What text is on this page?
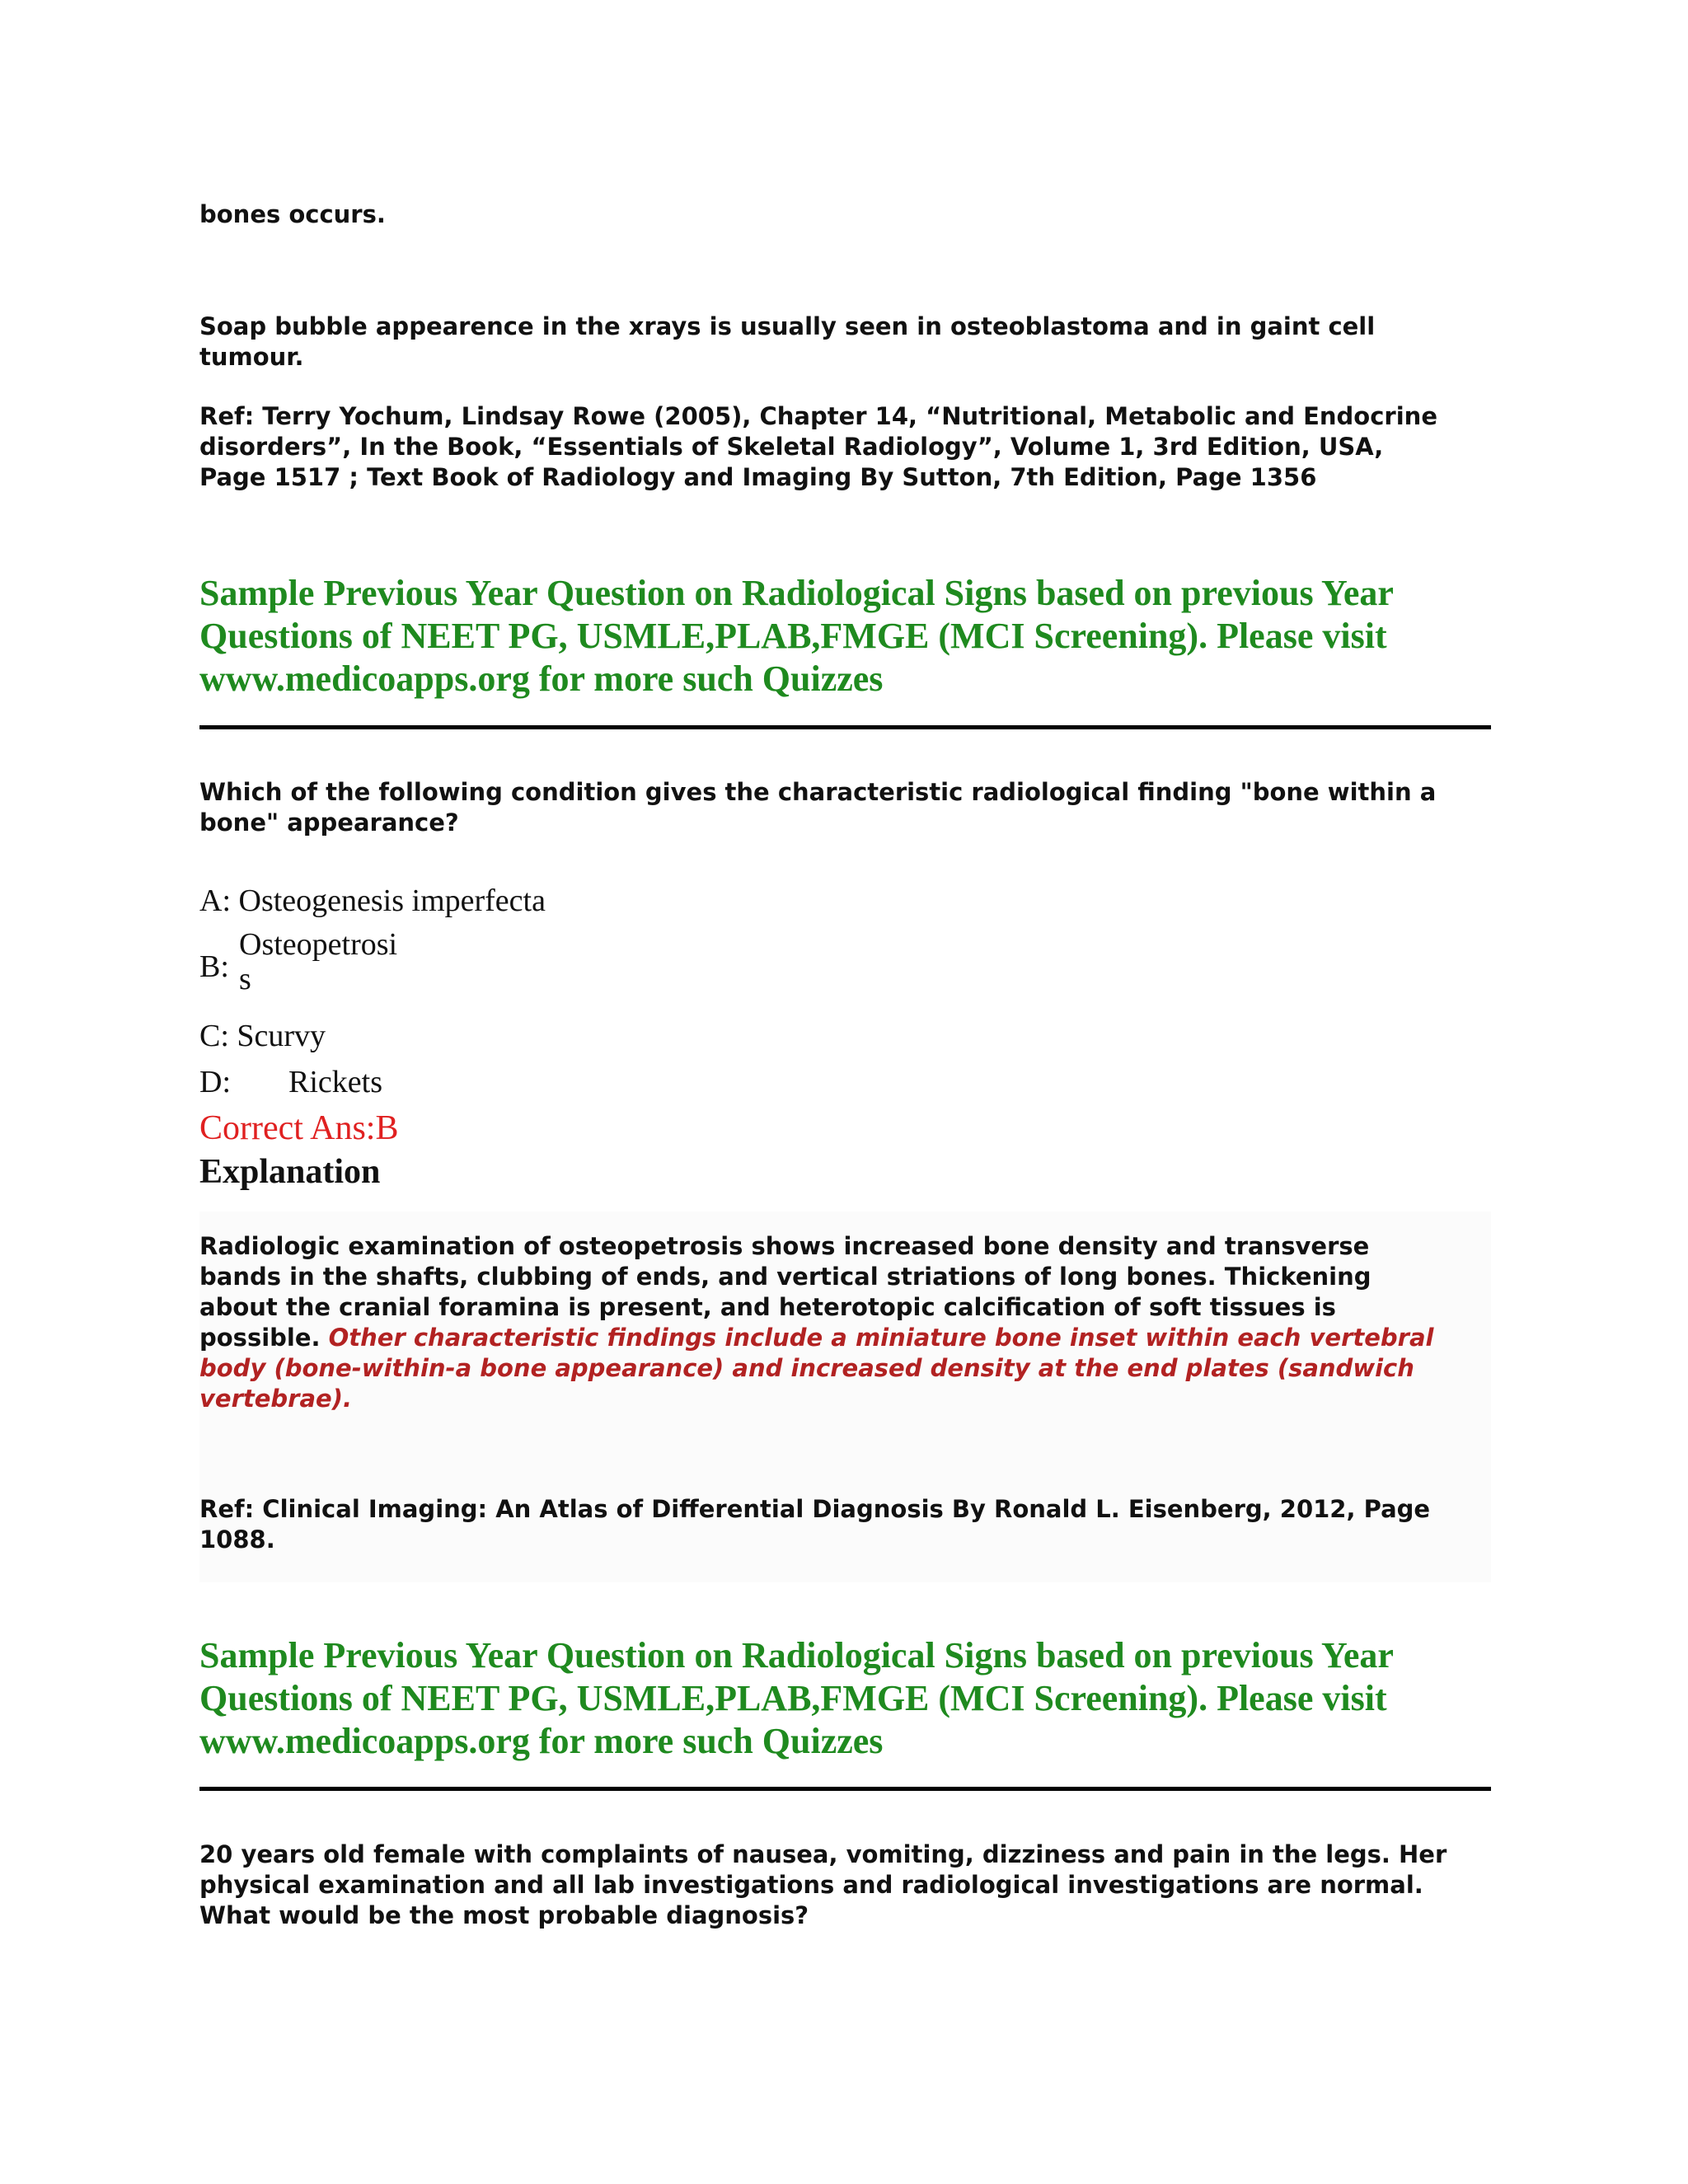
bones occurs.
Soap bubble appearence in the xrays is usually seen in osteoblastoma and in gaint cell tumour.
Ref: Terry Yochum, Lindsay Rowe (2005), Chapter 14, “Nutritional, Metabolic and Endocrine
disorders”, In the Book, “Essentials of Skeletal Radiology”, Volume 1, 3rd Edition, USA,
Page 1517 ; Text Book of Radiology and Imaging By Sutton, 7th Edition, Page 1356
Sample Previous Year Question on Radiological Signs based on previous Year
Questions of NEET PG, USMLE,PLAB,FMGE (MCI Screening). Please visit
www.medicoapps.org for more such Quizzes
Which of the following condition gives the characteristic radiological finding "bone within a
bone" appearance?
A: Osteogenesis imperfecta
B:
Osteopetrosi
s
C: Scurvy
D: Rickets
Correct Ans:B
Explanation
Radiologic examination of osteopetrosis shows increased bone density and transverse
bands in the shafts, clubbing of ends, and vertical striations of long bones. Thickening
about the cranial foramina is present, and heterotopic calcification of soft tissues is
possible. Other characteristic findings include a miniature bone inset within each vertebral
body (bone-within-a bone appearance) and increased density at the end plates (sandwich
vertebrae).
Ref: Clinical Imaging: An Atlas of Differential Diagnosis By Ronald L. Eisenberg, 2012, Page
1088.
Sample Previous Year Question on Radiological Signs based on previous Year
Questions of NEET PG, USMLE,PLAB,FMGE (MCI Screening). Please visit
www.medicoapps.org for more such Quizzes
20 years old female with complaints of nausea, vomiting, dizziness and pain in the legs. Her
physical examination and all lab investigations and radiological investigations are normal.
What would be the most probable diagnosis?
